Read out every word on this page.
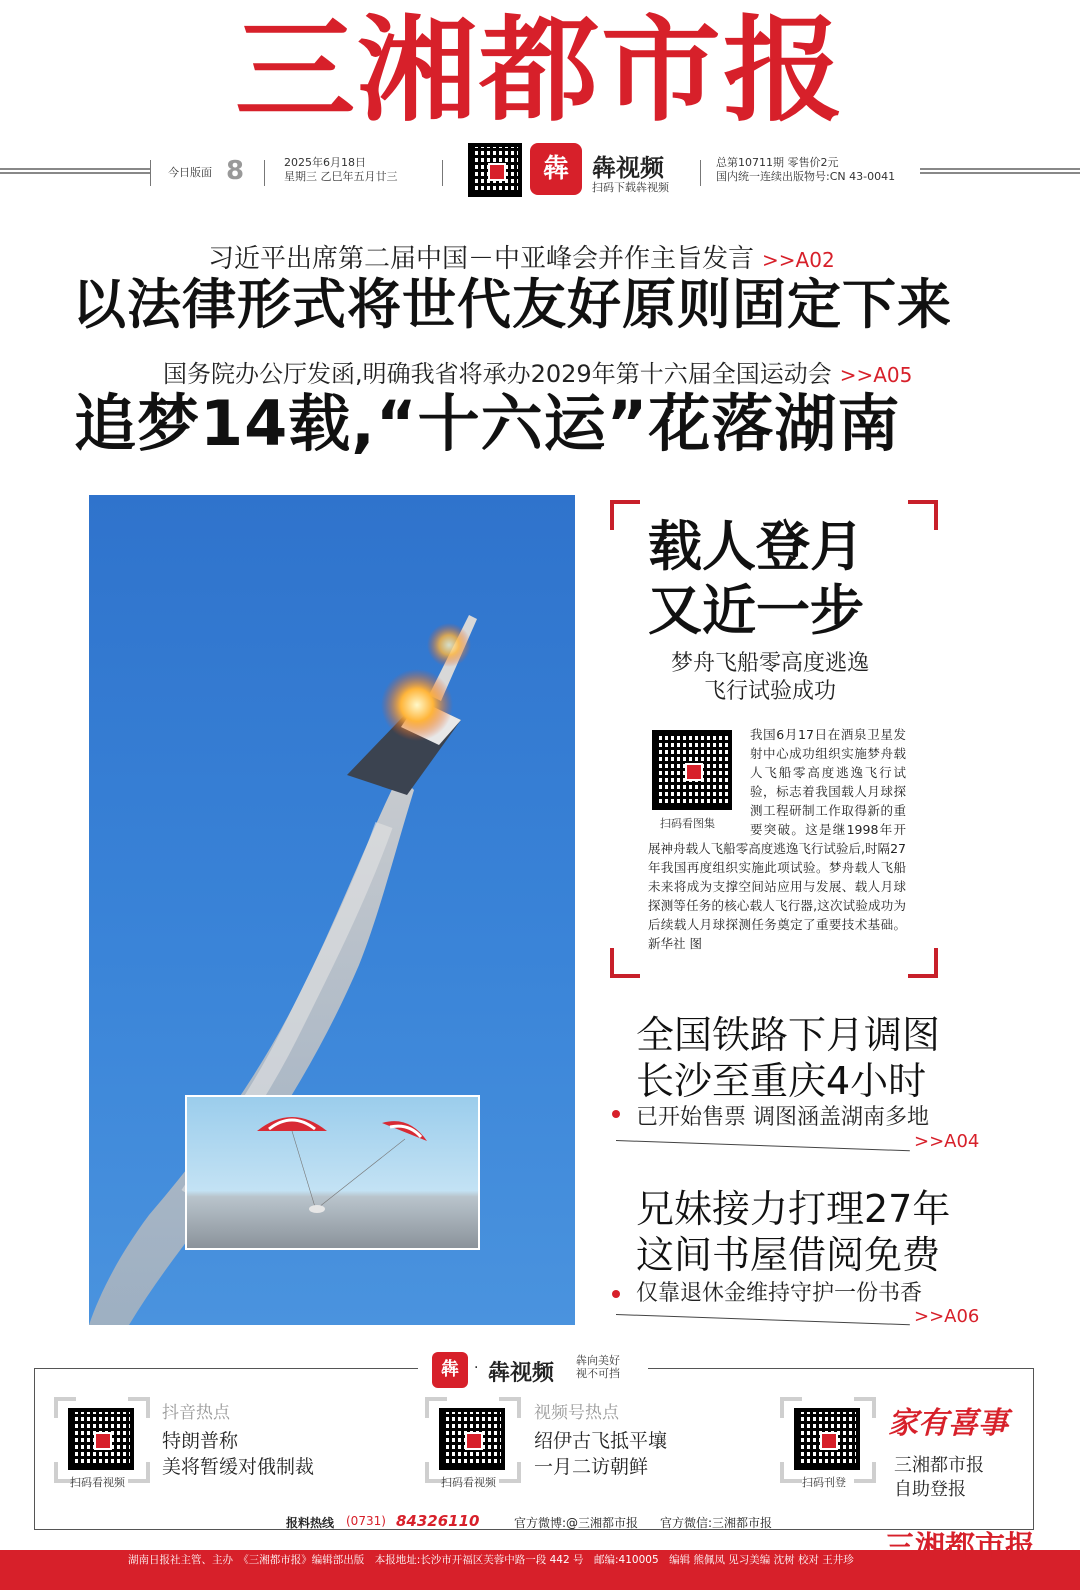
三湘都市报
今日版面 8	2025年6月18日
星期三 乙巳年五月廿三	犇 犇视频
扫码下载犇视频
总第10711期 零售价2元
国内统一连续出版物号:CN 43-0041
习近平出席第二届中国－中亚峰会并作主旨发言 >>A02
以法律形式将世代友好原则固定下来
国务院办公厅发函,明确我省将承办2029年第十六届全国运动会 >>A05
追梦14载,“十六运”花落湖南
载人登月
又近一步
梦舟飞船零高度逃逸
飞行试验成功
扫码看图集
我国6月17日在酒泉卫星发射中心成功组织实施梦舟载人飞船零高度逃逸飞行试验，标志着我国载人月球探测工程研制工作取得新的重要突破。这是继1998年开展神舟载人飞船零高度逃逸飞行试验后,时隔27年我国再度组织实施此项试验。梦舟载人飞船未来将成为支撑空间站应用与发展、载人月球探测等任务的核心载人飞行器,这次试验成功为后续载人月球探测任务奠定了重要技术基础。 新华社 图
全国铁路下月调图
长沙至重庆4小时
已开始售票 调图涵盖湖南多地
>>A04
兄妹接力打理27年
这间书屋借阅免费
仅靠退休金维持守护一份书香
>>A06
犇	· 犇视频
犇向美好
视不可挡
扫码看视频
抖音热点
特朗普称
美将暂缓对俄制裁
扫码看视频
视频号热点
绍伊古飞抵平壤
一月二访朝鲜
扫码刊登
家有喜事
三湘都市报
自助登报
报料热线 (0731) 84326110	官方微博:@三湘都市报 官方微信:三湘都市报
三湘都市报
湖南日报社主管、主办　《三湘都市报》编辑部出版　本报地址:长沙市开福区芙蓉中路一段 442 号　邮编:410005　编辑 熊佩凤 见习美编 沈树 校对 王井珍
